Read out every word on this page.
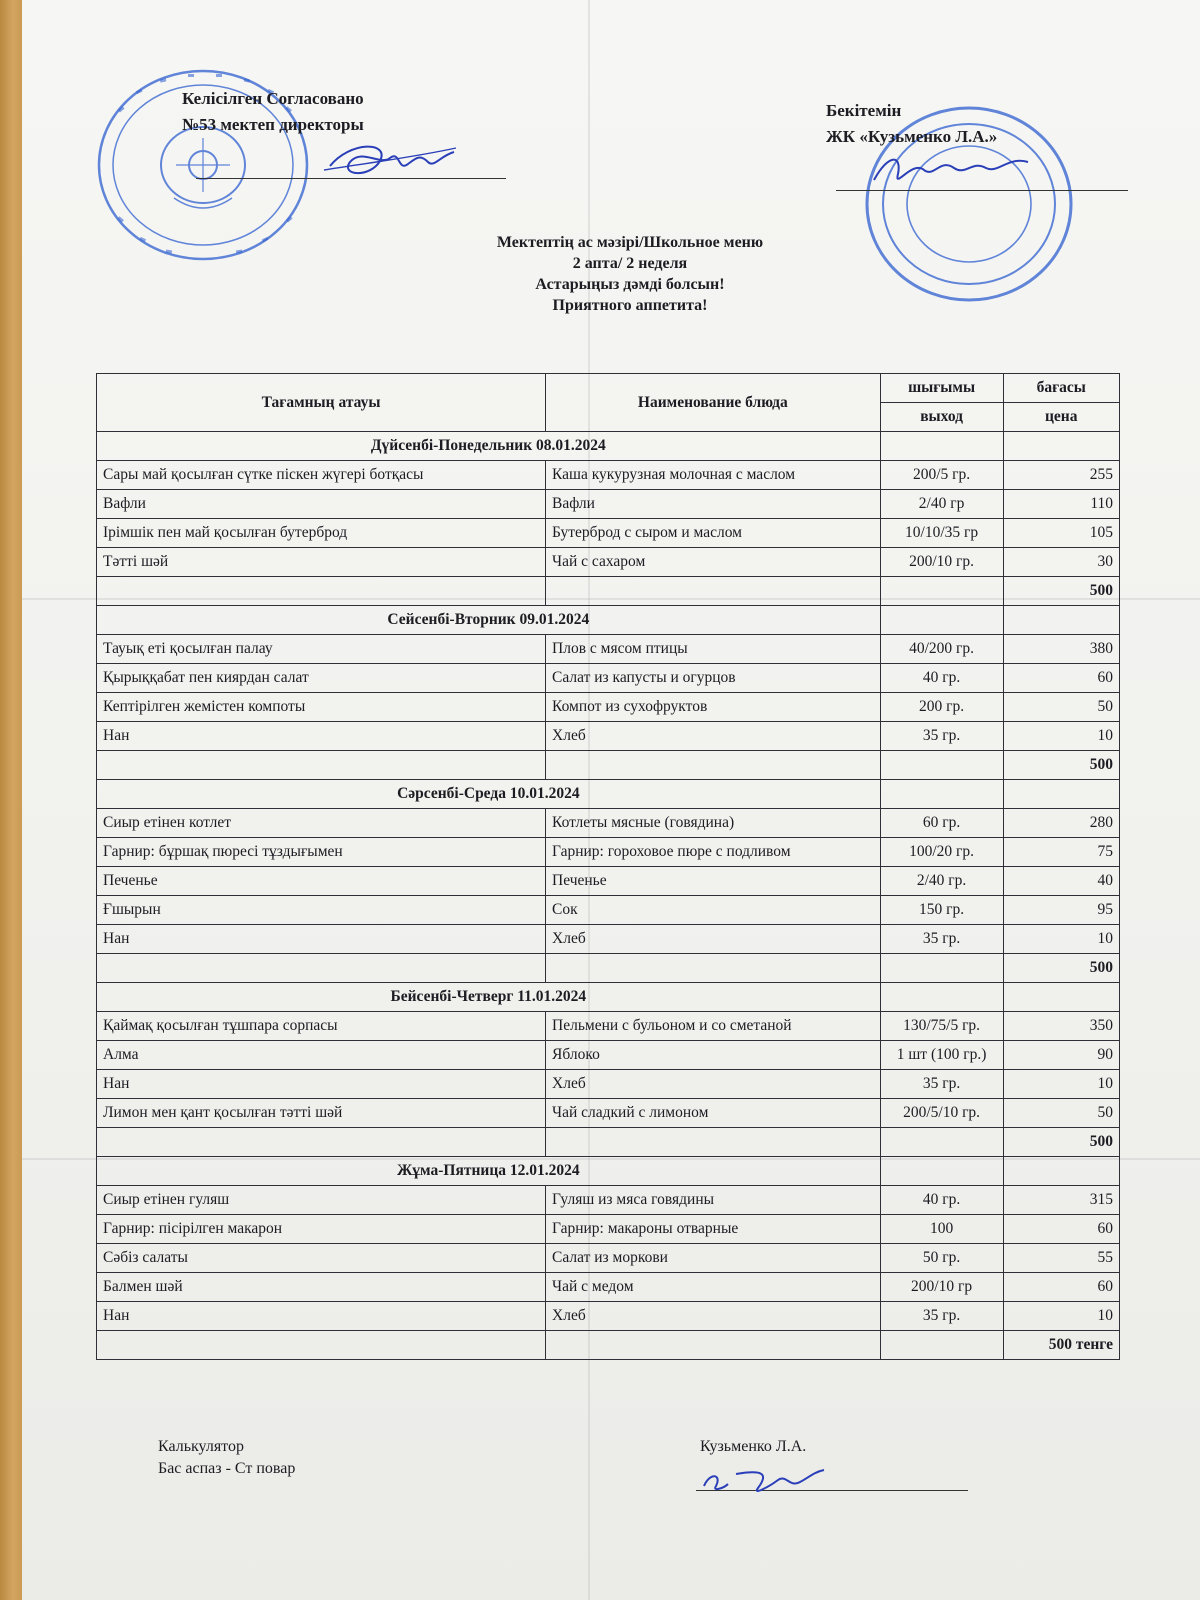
Келісілген Согласовано
№53 мектеп директоры
Бекітемін
ЖК «Кузьменко Л.А.»
Мектептің ас мәзірі/Школьное меню
2 апта/ 2 неделя
Астарыңыз дәмді болсын!
Приятного аппетита!
Тағамның атауы	Наименование блюда	шығымы	бағасы
		выход	цена
Дүйсенбі-Понедельник 08.01.2024			
Сары май қосылған сүтке піскен жүгері ботқасы	Каша кукурузная молочная с маслом	200/5 гр.	255
Вафли	Вафли	2/40 гр	110
Ірімшік пен май қосылған бутерброд	Бутерброд с сыром и маслом	10/10/35 гр	105
Тәтті шәй	Чай с сахаром	200/10 гр.	30
			500
Сейсенбі-Вторник 09.01.2024			
Тауық еті қосылған палау	Плов с мясом птицы	40/200 гр.	380
Қырыққабат пен киярдан салат	Салат из капусты и огурцов	40 гр.	60
Кептірілген жемістен компоты	Компот из сухофруктов	200 гр.	50
Нан	Хлеб	35 гр.	10
			500
Сәрсенбі-Среда 10.01.2024			
Сиыр етінен котлет	Котлеты мясные (говядина)	60 гр.	280
Гарнир: бұршақ пюресі тұздығымен	Гарнир: гороховое пюре с подливом	100/20 гр.	75
Печенье	Печенье	2/40 гр.	40
Ғшырын	Сок	150 гр.	95
Нан	Хлеб	35 гр.	10
			500
Бейсенбі-Четверг 11.01.2024			
Қаймақ қосылған тұшпара сорпасы	Пельмени с бульоном и со сметаной	130/75/5 гр.	350
Алма	Яблоко	1 шт (100 гр.)	90
Нан	Хлеб	35 гр.	10
Лимон мен қант қосылған тәтті шәй	Чай сладкий с лимоном	200/5/10 гр.	50
			500
Жұма-Пятница 12.01.2024			
Сиыр етінен гуляш	Гуляш из мяса говядины	40 гр.	315
Гарнир: пісірілген макарон	Гарнир: макароны отварные	100	60
Сәбіз салаты	Салат из моркови	50 гр.	55
Балмен шәй	Чай с медом	200/10 гр	60
Нан	Хлеб	35 гр.	10
			500 тенге
Калькулятор
Бас аспаз - Ст повар
Кузьменко Л.А.
